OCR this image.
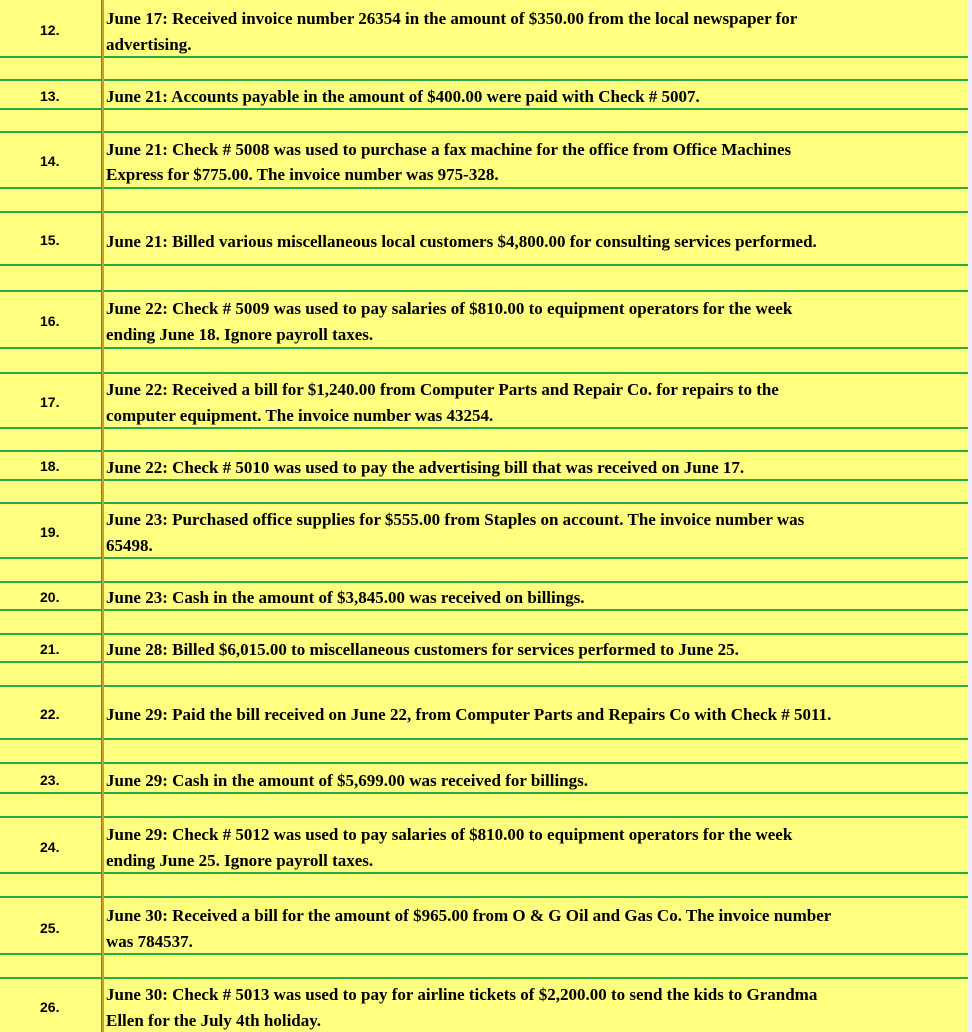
12.
June 17: Received invoice number 26354 in the amount of $350.00 from the local newspaper for
advertising.
13.	June 21: Accounts payable in the amount of $400.00 were paid with Check # 5007.
14.
June 21: Check # 5008 was used to purchase a fax machine for the office from Office Machines
Express for $775.00. The invoice number was 975-328.
15.	June 21: Billed various miscellaneous local customers $4,800.00 for consulting services performed.
16.
June 22: Check # 5009 was used to pay salaries of $810.00 to equipment operators for the week
ending June 18. Ignore payroll taxes.
17.
June 22: Received a bill for $1,240.00 from Computer Parts and Repair Co. for repairs to the
computer equipment. The invoice number was 43254.
18.	June 22: Check # 5010 was used to pay the advertising bill that was received on June 17.
19.
June 23: Purchased office supplies for $555.00 from Staples on account. The invoice number was
65498.
20.	June 23: Cash in the amount of $3,845.00 was received on billings.
21.	June 28: Billed $6,015.00 to miscellaneous customers for services performed to June 25.
22.	June 29: Paid the bill received on June 22, from Computer Parts and Repairs Co with Check # 5011.
23.	June 29: Cash in the amount of $5,699.00 was received for billings.
24.
June 29: Check # 5012 was used to pay salaries of $810.00 to equipment operators for the week
ending June 25. Ignore payroll taxes.
25.
June 30: Received a bill for the amount of $965.00 from O & G Oil and Gas Co. The invoice number
was 784537.
26.
June 30: Check # 5013 was used to pay for airline tickets of $2,200.00 to send the kids to Grandma
Ellen for the July 4th holiday.
